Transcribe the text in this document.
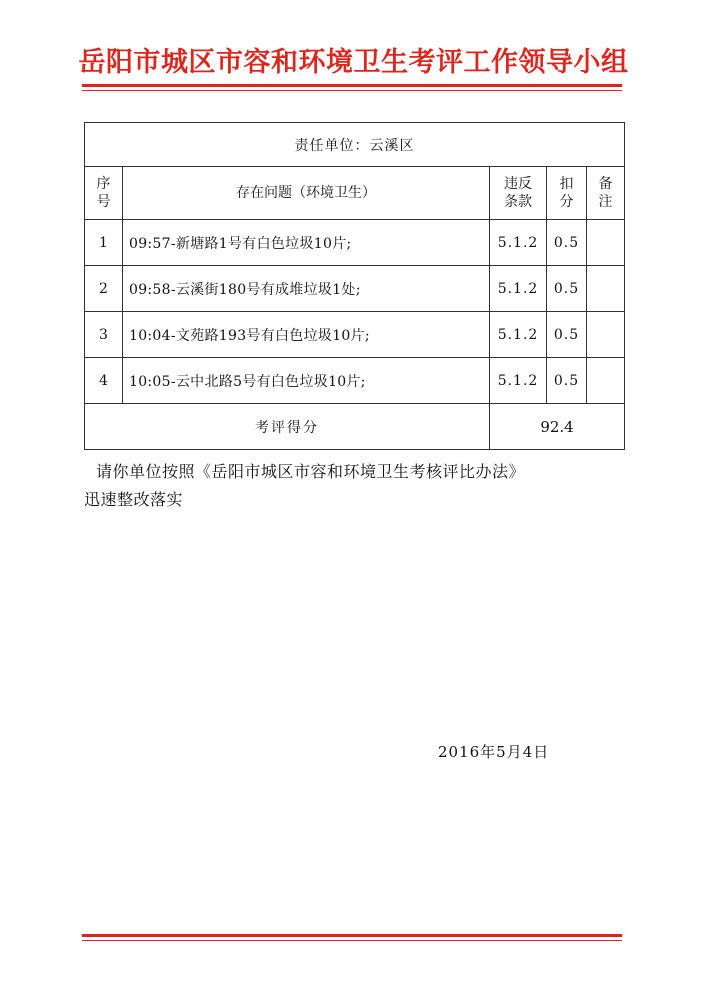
岳阳市城区市容和环境卫生考评工作领导小组
责任单位：云溪区				
序号	存在问题（环境卫生）	违反条款	扣分	备注
1	09:57-新塘路1号有白色垃圾10片;	5.1.2	0.5	
2	09:58-云溪街180号有成堆垃圾1处;	5.1.2	0.5	
3	10:04-文苑路193号有白色垃圾10片;	5.1.2	0.5	
4	10:05-云中北路5号有白色垃圾10片;	5.1.2	0.5	
考评得分		92.4		
请你单位按照《岳阳市城区市容和环境卫生考核评比办法》
迅速整改落实
2016年5月4日
